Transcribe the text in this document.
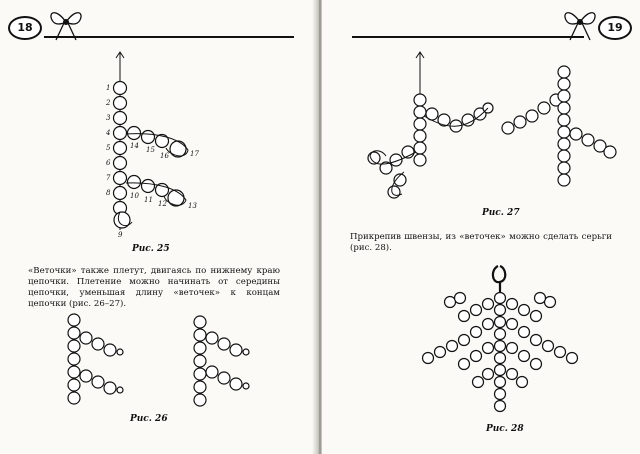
18
1
2
3
4
5
6
7
8
9
10 11 12	13
14 15
16	17
Рис. 25
«Веточки» также плетут, двигаясь по нижнему краю цепочки. Плетение можно начинать от середины цепочки, уменьшая длину «веточек» к концам цепочки (рис. 26–27).
Рис. 26
19
Рис. 27
Прикрепив швензы, из «веточек» можно сделать серьги (рис. 28).
Рис. 28
